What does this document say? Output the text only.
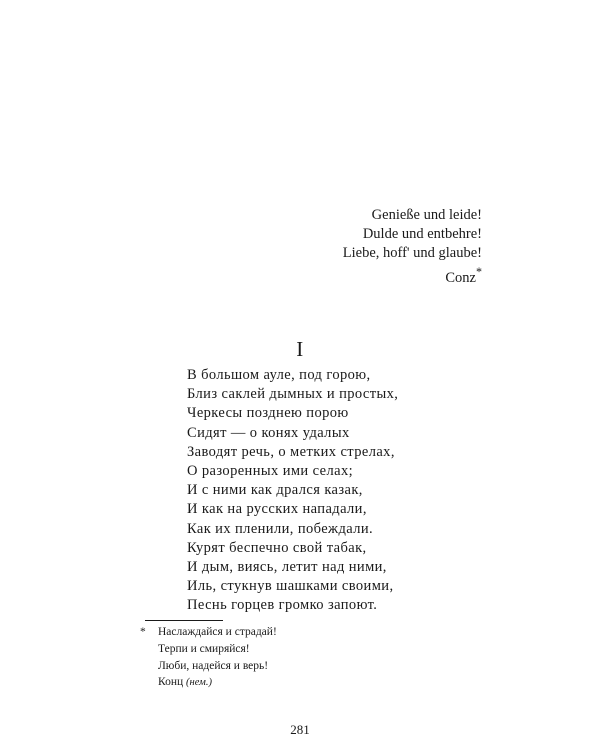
Genieße und leide!
Dulde und entbehre!
Liebe, hoff' und glaube!
Conz*
I
В большом ауле, под горою,
Близ саклей дымных и простых,
Черкесы позднею порою
Сидят — о конях удалых
Заводят речь, о метких стрелах,
О разоренных ими селах;
И с ними как дрался казак,
И как на русских нападали,
Как их пленили, побеждали.
Курят беспечно свой табак,
И дым, виясь, летит над ними,
Иль, стукнув шашками своими,
Песнь горцев громко запоют.
* Наслаждайся и страдай!
Терпи и смиряйся!
Люби, надейся и верь!
Конц (нем.)
281
